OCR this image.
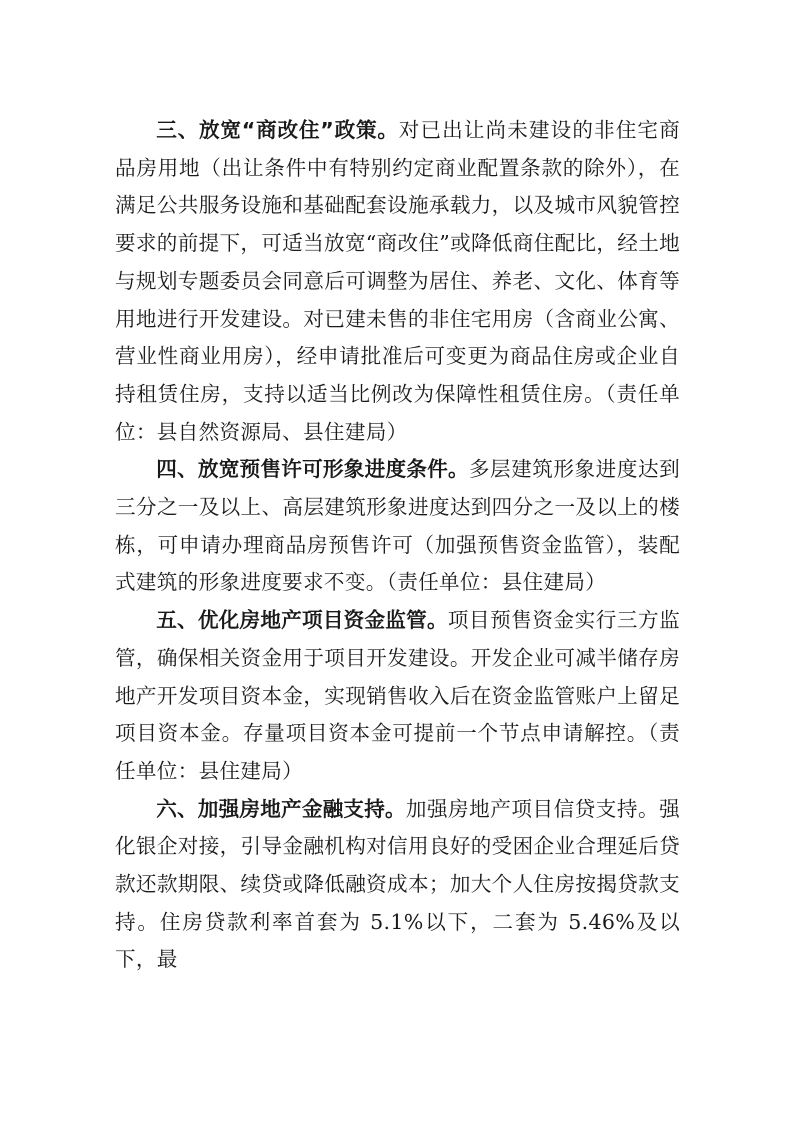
三、放宽“商改住”政策。对已出让尚未建设的非住宅商品房用地（出让条件中有特别约定商业配置条款的除外），在满足公共服务设施和基础配套设施承载力，以及城市风貌管控要求的前提下，可适当放宽“商改住”或降低商住配比，经土地与规划专题委员会同意后可调整为居住、养老、文化、体育等用地进行开发建设。对已建未售的非住宅用房（含商业公寓、营业性商业用房），经申请批准后可变更为商品住房或企业自持租赁住房，支持以适当比例改为保障性租赁住房。（责任单位：县自然资源局、县住建局）

四、放宽预售许可形象进度条件。多层建筑形象进度达到三分之一及以上、高层建筑形象进度达到四分之一及以上的楼栋，可申请办理商品房预售许可（加强预售资金监管），装配式建筑的形象进度要求不变。（责任单位：县住建局）

五、优化房地产项目资金监管。项目预售资金实行三方监管，确保相关资金用于项目开发建设。开发企业可减半储存房地产开发项目资本金，实现销售收入后在资金监管账户上留足项目资本金。存量项目资本金可提前一个节点申请解控。（责任单位：县住建局）

六、加强房地产金融支持。加强房地产项目信贷支持。强化银企对接，引导金融机构对信用良好的受困企业合理延后贷款还款期限、续贷或降低融资成本；加大个人住房按揭贷款支持。住房贷款利率首套为 5.1%以下，二套为 5.46%及以下，最
